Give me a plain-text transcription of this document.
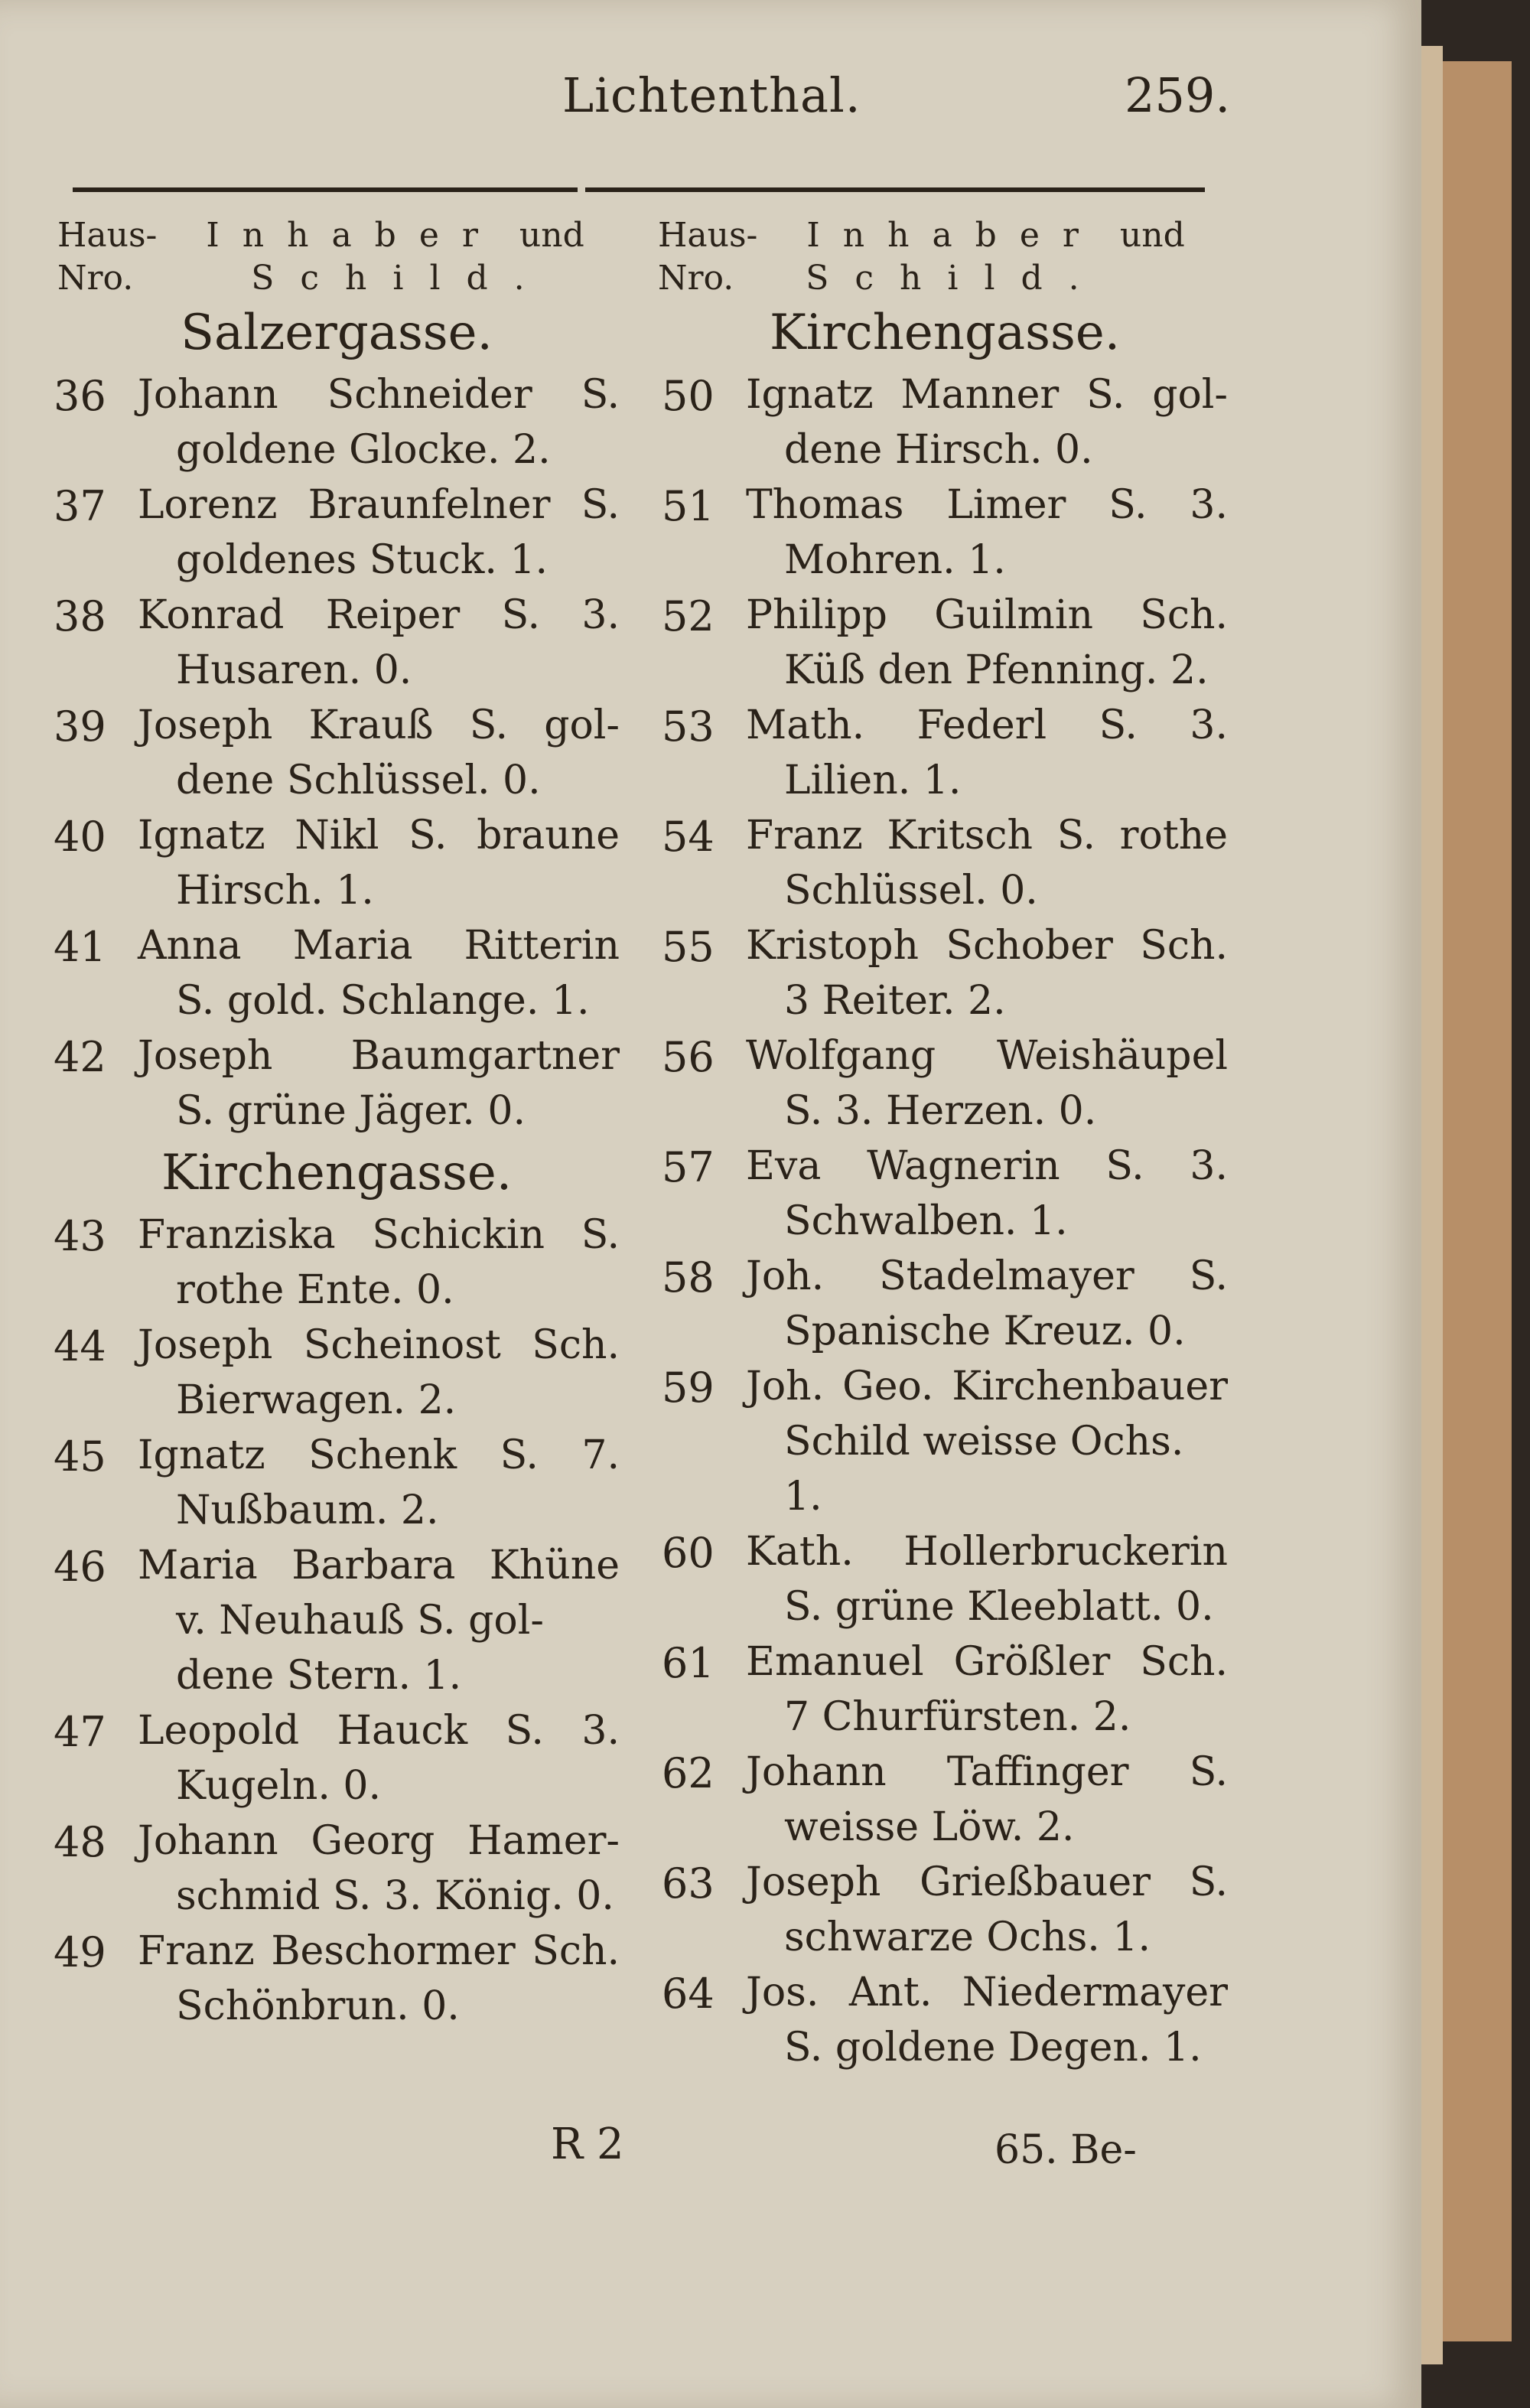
Lichtenthal.	259.
Haus- Inhaber und
Nro.	Schild.
Haus- Inhaber und
Nro. Schild.

Salzergasse.

36 Johann Schneider S.
goldene Glocke. 2.
37 Lorenz Braunfelner S.
goldenes Stuck. 1.
38 Konrad Reiper S. 3.
Husaren. 0.
39 Joseph Krauß S. gol-
dene Schlüssel. 0.
40 Ignatz Nikl S. braune
Hirsch. 1.
41 Anna Maria Ritterin
S. gold. Schlange. 1.
42 Joseph Baumgartner
S. grüne Jäger. 0.

Kirchengasse.

43 Franziska Schickin S.
rothe Ente. 0.
44 Joseph Scheinost Sch.
Bierwagen. 2.
45 Ignatz Schenk S. 7.
Nußbaum. 2.
46 Maria Barbara Khüne
v. Neuhauß S. gol-
dene Stern. 1.
47 Leopold Hauck S. 3.
Kugeln. 0.
48 Johann Georg Hamer-
schmid S. 3. König. 0.
49 Franz Beschormer Sch.
Schönbrun. 0.

Kirchengasse.

50 Ignatz Manner S. gol-
dene Hirsch. 0.
51 Thomas Limer S. 3.
Mohren. 1.
52 Philipp Guilmin Sch.
Küß den Pfenning. 2.
53 Math. Federl S. 3.
Lilien. 1.
54 Franz Kritsch S. rothe
Schlüssel. 0.
55 Kristoph Schober Sch.
3 Reiter. 2.
56 Wolfgang Weishäupel
S. 3. Herzen. 0.
57 Eva Wagnerin S. 3.
Schwalben. 1.
58 Joh. Stadelmayer S.
Spanische Kreuz. 0.
59 Joh. Geo. Kirchenbauer
Schild weisse Ochs. 1.
60 Kath. Hollerbruckerin
S. grüne Kleeblatt. 0.
61 Emanuel Größler Sch.
7 Churfürsten. 2.
62 Johann Taffinger S.
weisse Löw. 2.
63 Joseph Grießbauer S.
schwarze Ochs. 1.
64 Jos. Ant. Niedermayer
S. goldene Degen. 1.
R 2	65. Be-
